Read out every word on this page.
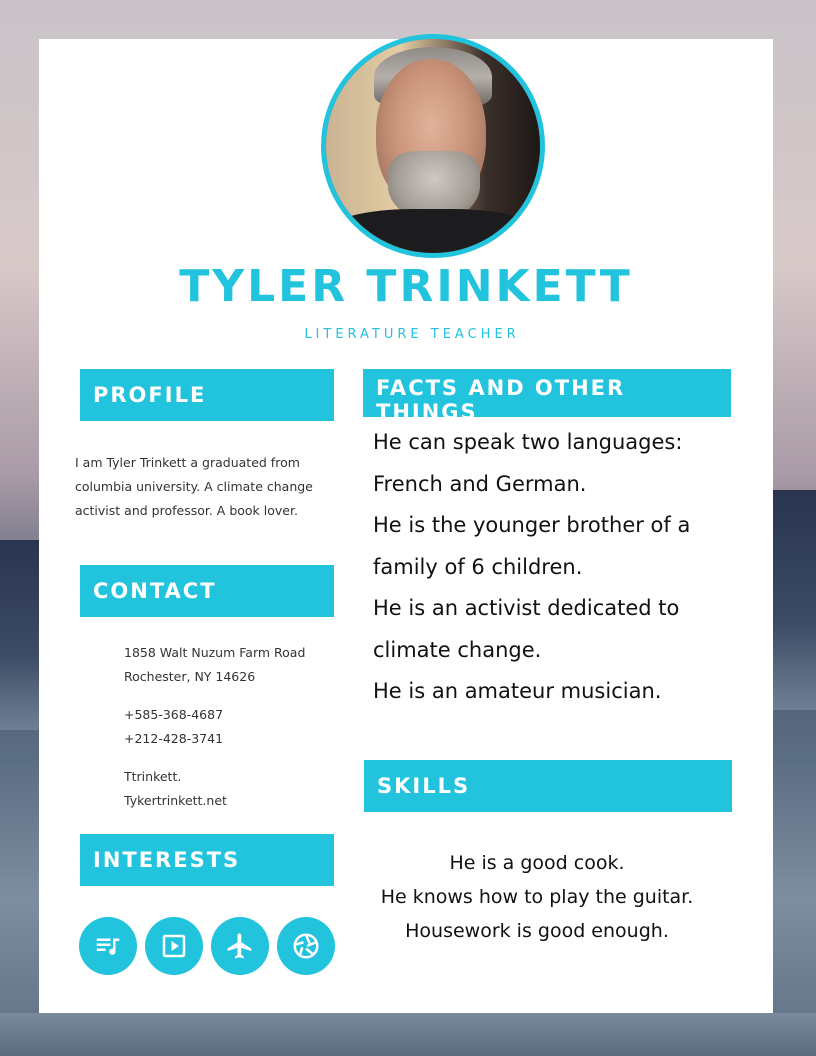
TYLER TRINKETT
LITERATURE TEACHER
PROFILE
I am Tyler Trinkett a graduated from
columbia university. A climate change
activist and professor. A book lover.
CONTACT
1858 Walt Nuzum Farm Road
Rochester, NY 14626
+585-368-4687
+212-428-3741
Ttrinkett.
Tykertrinkett.net
INTERESTS
FACTS AND OTHER THINGS
He can speak two languages:
French and German.
He is the younger brother of a
family of 6 children.
He is an activist dedicated to
climate change.
He is an amateur musician.
SKILLS
He is a good cook.
He knows how to play the guitar.
Housework is good enough.
